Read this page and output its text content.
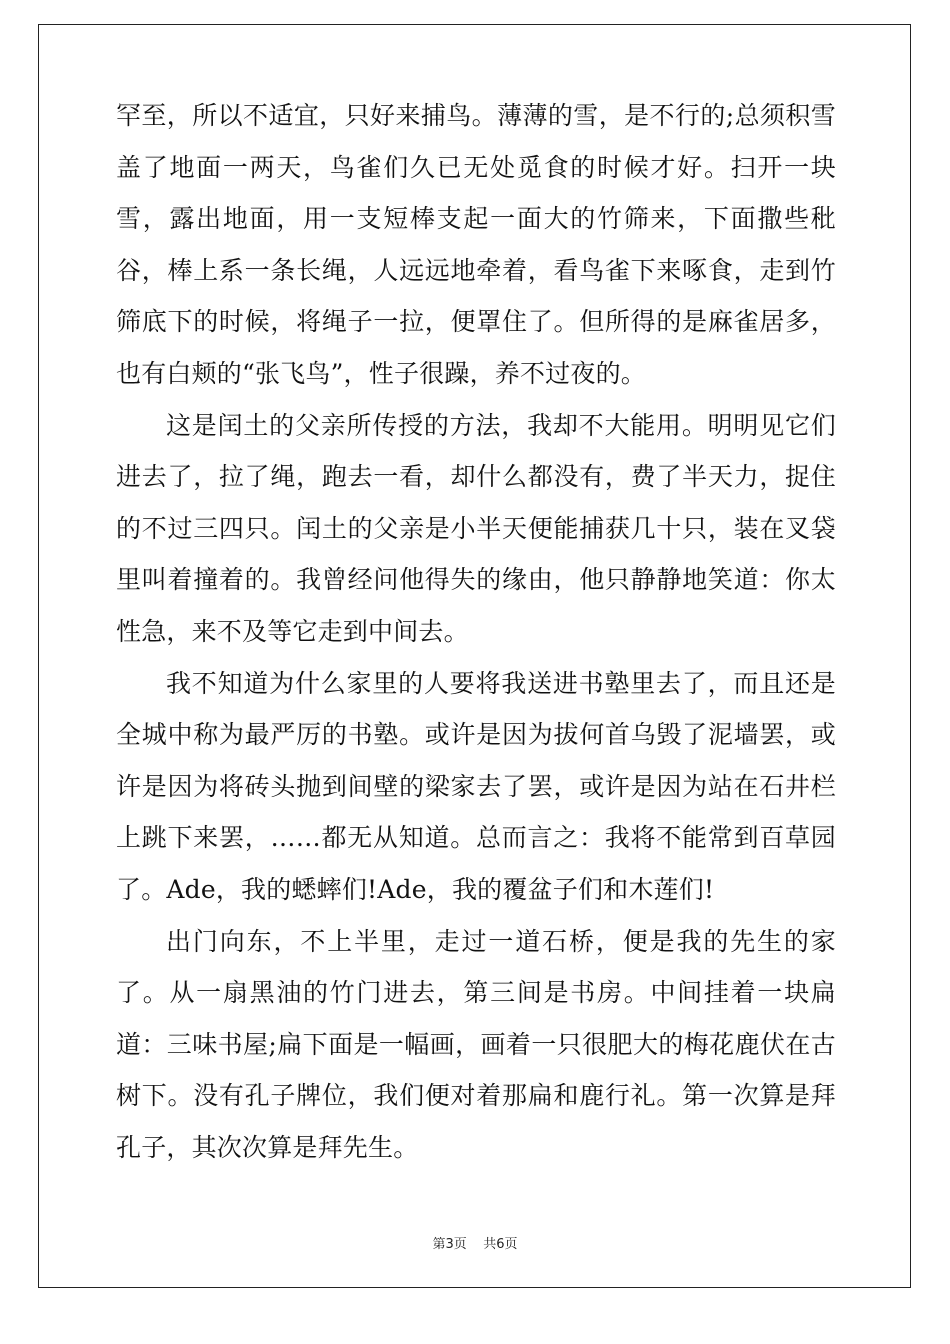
罕至，所以不适宜，只好来捕鸟。薄薄的雪，是不行的;总须积雪盖了地面一两天，鸟雀们久已无处觅食的时候才好。扫开一块雪，露出地面，用一支短棒支起一面大的竹筛来，下面撒些秕谷，棒上系一条长绳，人远远地牵着，看鸟雀下来啄食，走到竹筛底下的时候，将绳子一拉，便罩住了。但所得的是麻雀居多，也有白颊的“张飞鸟”，性子很躁，养不过夜的。

这是闰土的父亲所传授的方法，我却不大能用。明明见它们进去了，拉了绳，跑去一看，却什么都没有，费了半天力，捉住的不过三四只。闰土的父亲是小半天便能捕获几十只，装在叉袋里叫着撞着的。我曾经问他得失的缘由，他只静静地笑道：你太性急，来不及等它走到中间去。

我不知道为什么家里的人要将我送进书塾里去了，而且还是全城中称为最严厉的书塾。或许是因为拔何首乌毁了泥墙罢，或许是因为将砖头抛到间壁的梁家去了罢，或许是因为站在石井栏上跳下来罢，……都无从知道。总而言之：我将不能常到百草园了。Ade，我的蟋蟀们!Ade，我的覆盆子们和木莲们!

出门向东，不上半里，走过一道石桥，便是我的先生的家了。从一扇黑油的竹门进去，第三间是书房。中间挂着一块扁道：三味书屋;扁下面是一幅画，画着一只很肥大的梅花鹿伏在古树下。没有孔子牌位，我们便对着那扁和鹿行礼。第一次算是拜孔子，其次次算是拜先生。

第3页    共6页
